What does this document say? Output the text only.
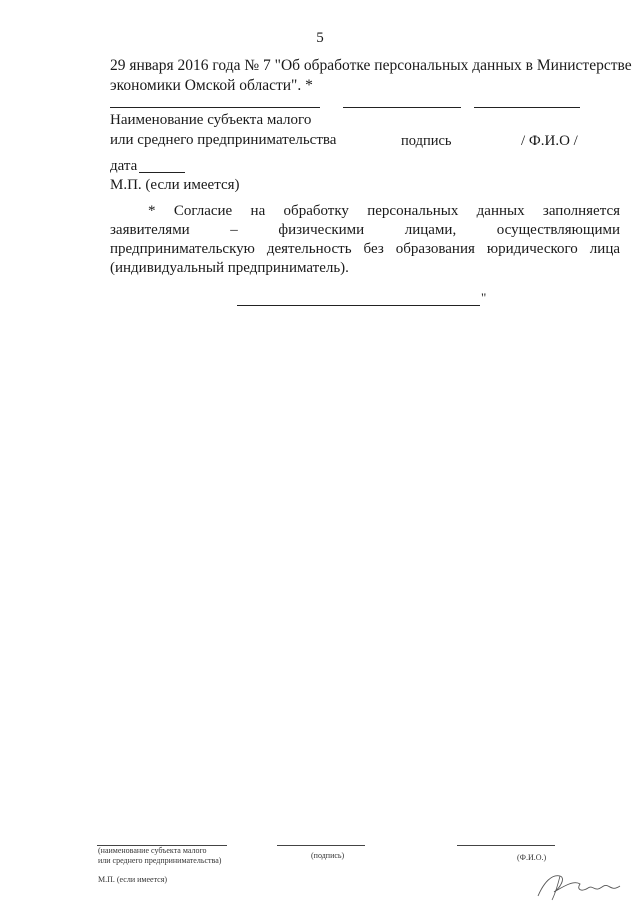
5
29 января 2016 года № 7 "Об обработке персональных данных в Министерстве
экономики Омской области". *
Наименование субъекта малого
или среднего предпринимательства	подпись	/ Ф.И.О /
дата
М.П. (если имеется)
* Согласие на обработку персональных данных заполняется
заявителями – физическими лицами, осуществляющими
предпринимательскую деятельность без образования юридического лица
(индивидуальный предприниматель).
"
(наименование субъекта малого
или среднего предпринимательства)
(подпись)	(Ф.И.О.)
М.П. (если имеется)
